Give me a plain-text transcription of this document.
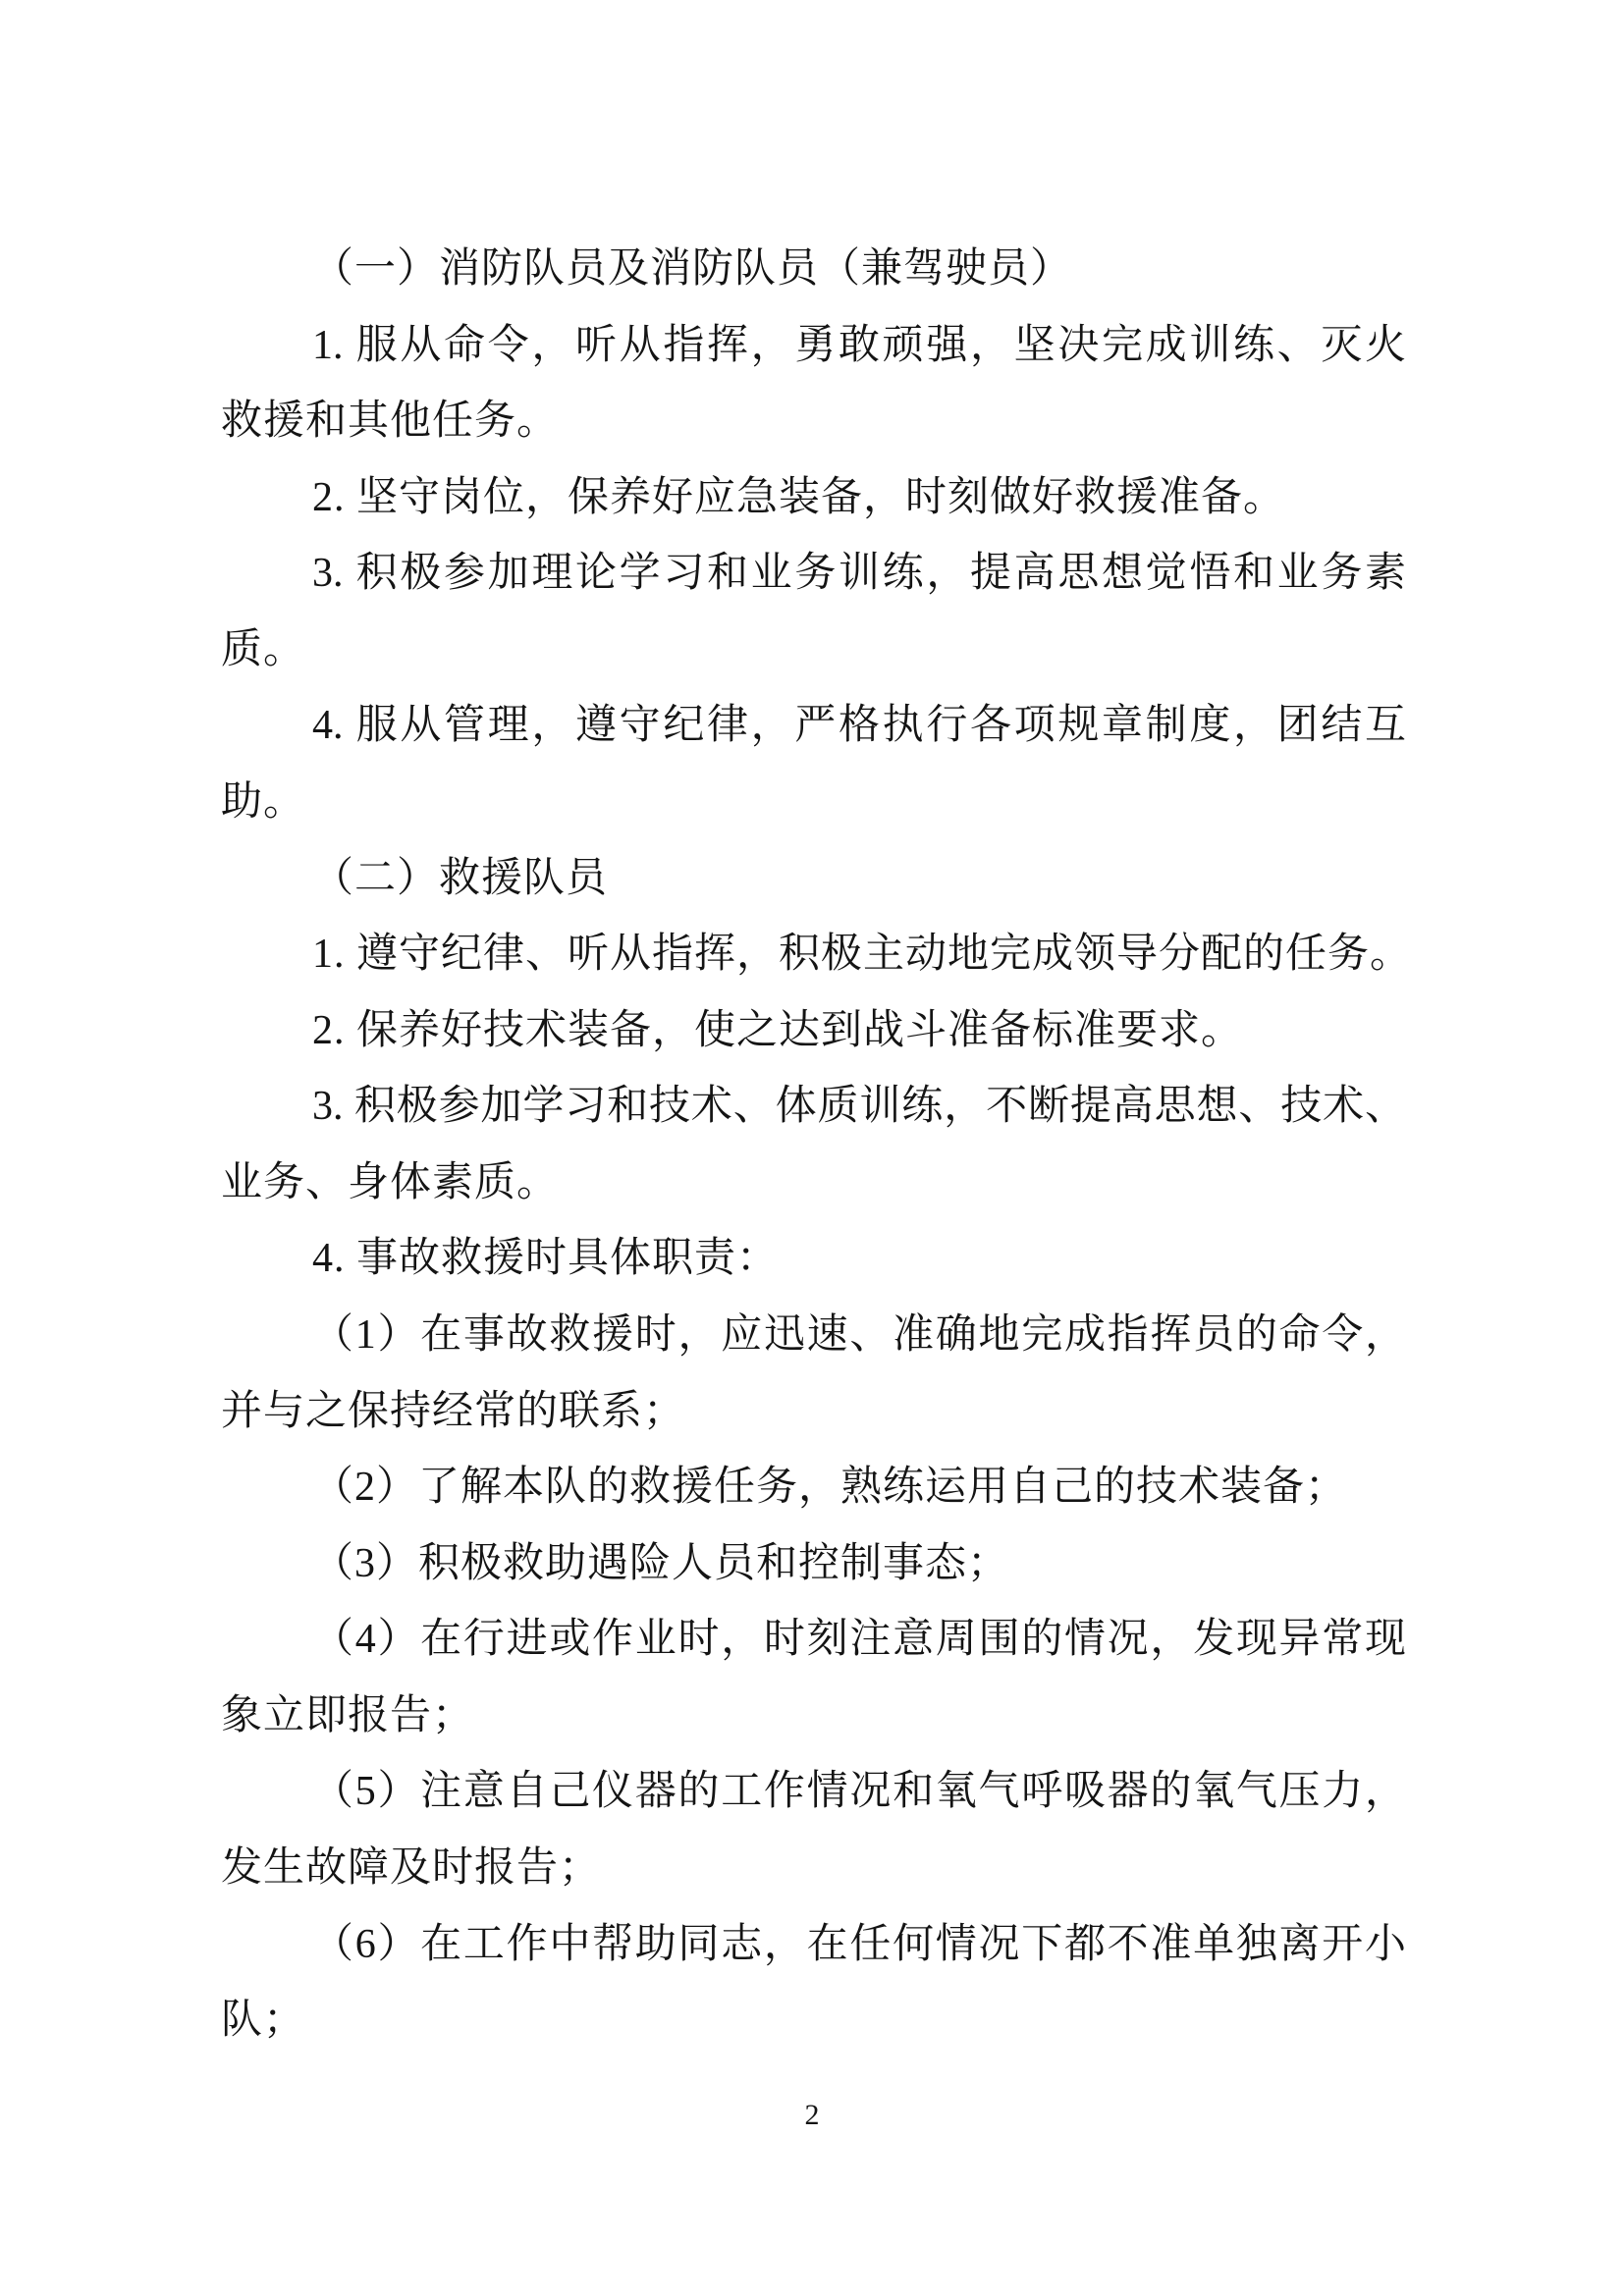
（一）消防队员及消防队员（兼驾驶员）
1. 服从命令，听从指挥，勇敢顽强，坚决完成训练、灭火
救援和其他任务。
2. 坚守岗位，保养好应急装备，时刻做好救援准备。
3. 积极参加理论学习和业务训练，提高思想觉悟和业务素
质。
4. 服从管理，遵守纪律，严格执行各项规章制度，团结互
助。
（二）救援队员
1. 遵守纪律、听从指挥，积极主动地完成领导分配的任务。
2. 保养好技术装备，使之达到战斗准备标准要求。
3. 积极参加学习和技术、体质训练，不断提高思想、技术、
业务、身体素质。
4. 事故救援时具体职责：
（1）在事故救援时，应迅速、准确地完成指挥员的命令，
并与之保持经常的联系；
（2）了解本队的救援任务，熟练运用自己的技术装备；
（3）积极救助遇险人员和控制事态；
（4）在行进或作业时，时刻注意周围的情况，发现异常现
象立即报告；
（5）注意自己仪器的工作情况和氧气呼吸器的氧气压力，
发生故障及时报告；
（6）在工作中帮助同志，在任何情况下都不准单独离开小
队；
2
